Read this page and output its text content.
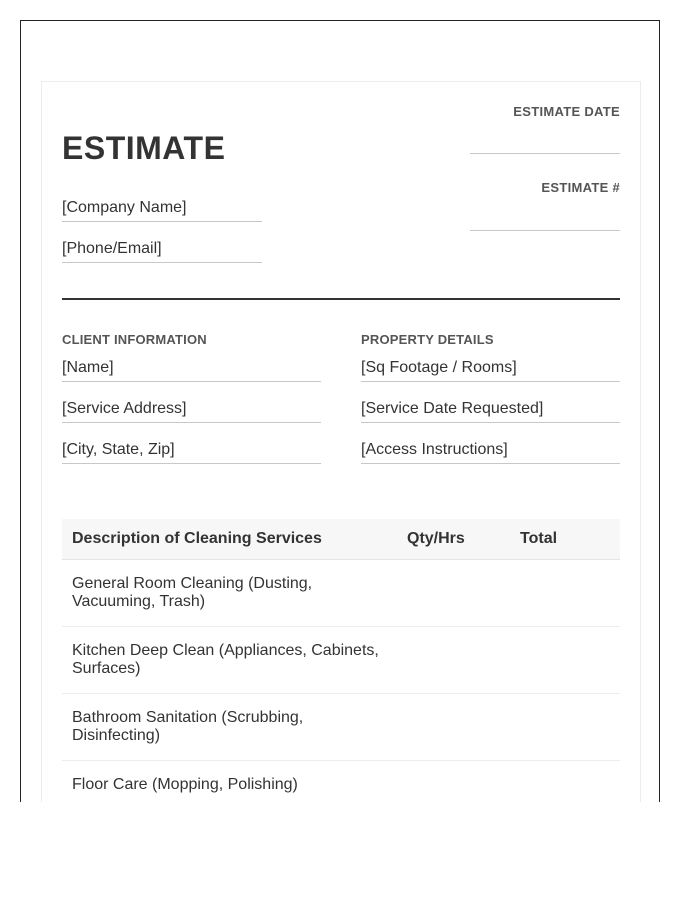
ESTIMATE
[Company Name]
[Phone/Email]
ESTIMATE DATE
ESTIMATE #
CLIENT INFORMATION
[Name]
[Service Address]
[City, State, Zip]
PROPERTY DETAILS
[Sq Footage / Rooms]
[Service Date Requested]
[Access Instructions]
Description of Cleaning Services	Qty/Hrs	Total
General Room Cleaning (Dusting, Vacuuming, Trash)
Kitchen Deep Clean (Appliances, Cabinets, Surfaces)
Bathroom Sanitation (Scrubbing, Disinfecting)
Floor Care (Mopping, Polishing)
